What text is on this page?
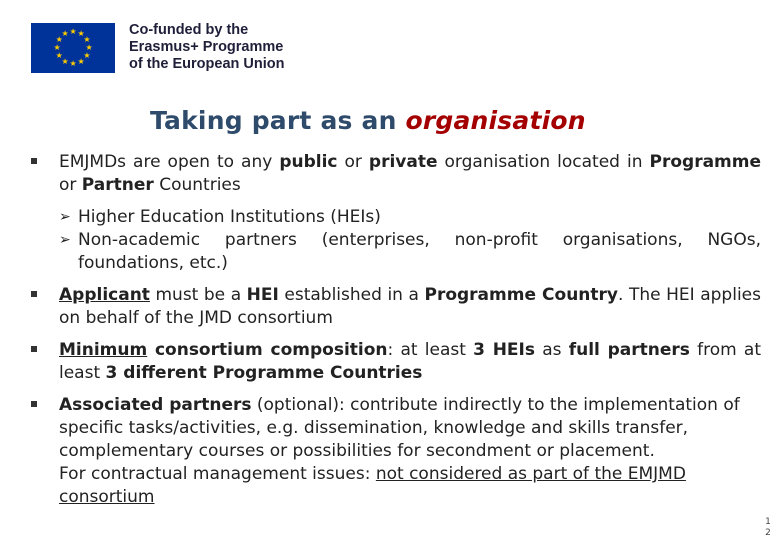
★ ★
★
★
★
★
★
★
★
★
★
★	Co-funded by the
Erasmus+ Programme
of the European Union
Taking part as an organisation
EMJMDs are open to any public or private organisation located in Programme or Partner Countries
➢ Higher Education Institutions (HEIs)
➢ Non-academic partners (enterprises, non-profit organisations, NGOs, foundations, etc.)
Applicant must be a HEI established in a Programme Country. The HEI applies on behalf of the JMD consortium
Minimum consortium composition: at least 3 HEIs as full partners from at least 3 different Programme Countries
Associated partners (optional): contribute indirectly to the implementation of specific tasks/activities, e.g. dissemination, knowledge and skills transfer, complementary courses or possibilities for secondment or placement.
For contractual management issues: not considered as part of the EMJMD consortium
1
2
